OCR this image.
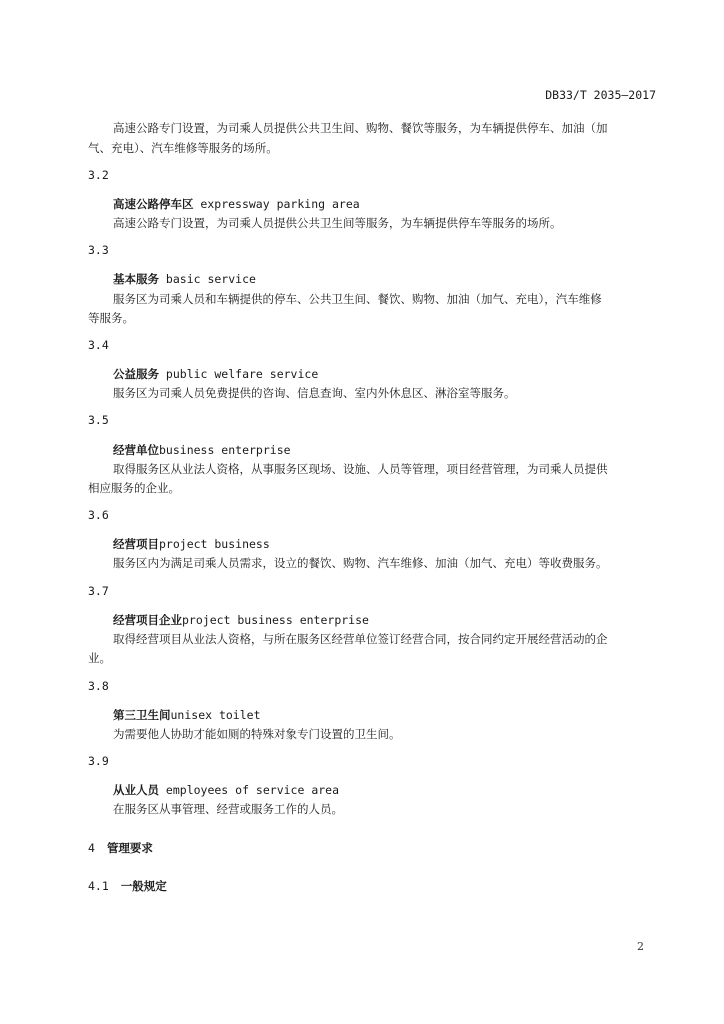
DB33/T 2035—2017
高速公路专门设置，为司乘人员提供公共卫生间、购物、餐饮等服务，为车辆提供停车、加油（加
气、充电）、汽车维修等服务的场所。
3.2
高速公路停车区 expressway parking area
高速公路专门设置，为司乘人员提供公共卫生间等服务，为车辆提供停车等服务的场所。
3.3
基本服务 basic service
服务区为司乘人员和车辆提供的停车、公共卫生间、餐饮、购物、加油（加气、充电），汽车维修
等服务。
3.4
公益服务 public welfare service
服务区为司乘人员免费提供的咨询、信息查询、室内外休息区、淋浴室等服务。
3.5
经营单位business enterprise
取得服务区从业法人资格，从事服务区现场、设施、人员等管理，项目经营管理，为司乘人员提供
相应服务的企业。
3.6
经营项目project business
服务区内为满足司乘人员需求，设立的餐饮、购物、汽车维修、加油（加气、充电）等收费服务。
3.7
经营项目企业project business enterprise
取得经营项目从业法人资格，与所在服务区经营单位签订经营合同，按合同约定开展经营活动的企
业。
3.8
第三卫生间unisex toilet
为需要他人协助才能如厕的特殊对象专门设置的卫生间。
3.9
从业人员 employees of service area
在服务区从事管理、经营或服务工作的人员。
4 管理要求
4.1 一般规定
2
